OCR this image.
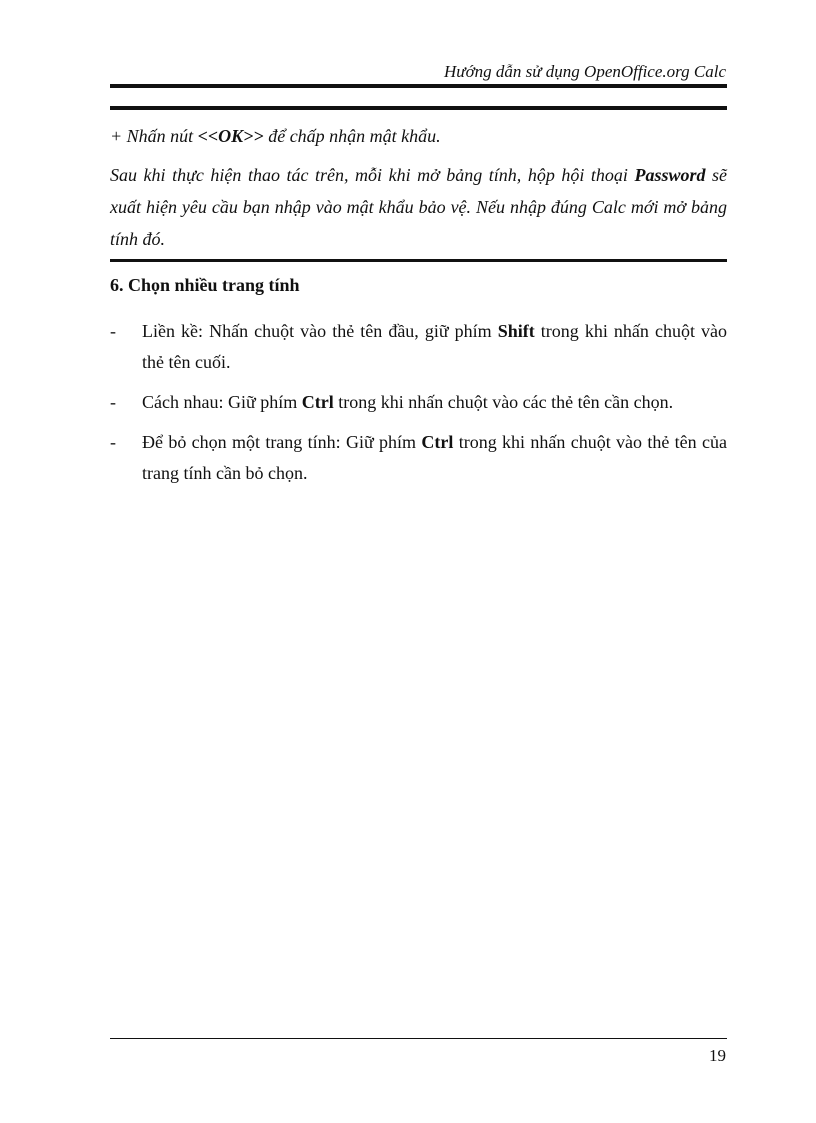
Hướng dẫn sử dụng OpenOffice.org Calc

+ Nhấn nút <<OK>> để chấp nhận mật khẩu.

Sau khi thực hiện thao tác trên, mỗi khi mở bảng tính, hộp hội thoại Password sẽ xuất hiện yêu cầu bạn nhập vào mật khẩu bảo vệ. Nếu nhập đúng Calc mới mở bảng tính đó.

6. Chọn nhiều trang tính
-	Liền kề: Nhấn chuột vào thẻ tên đầu, giữ phím Shift trong khi nhấn chuột vào thẻ tên cuối.
-	Cách nhau: Giữ phím Ctrl trong khi nhấn chuột vào các thẻ tên cần chọn.
-	Để bỏ chọn một trang tính: Giữ phím Ctrl trong khi nhấn chuột vào thẻ tên của trang tính cần bỏ chọn.
19
